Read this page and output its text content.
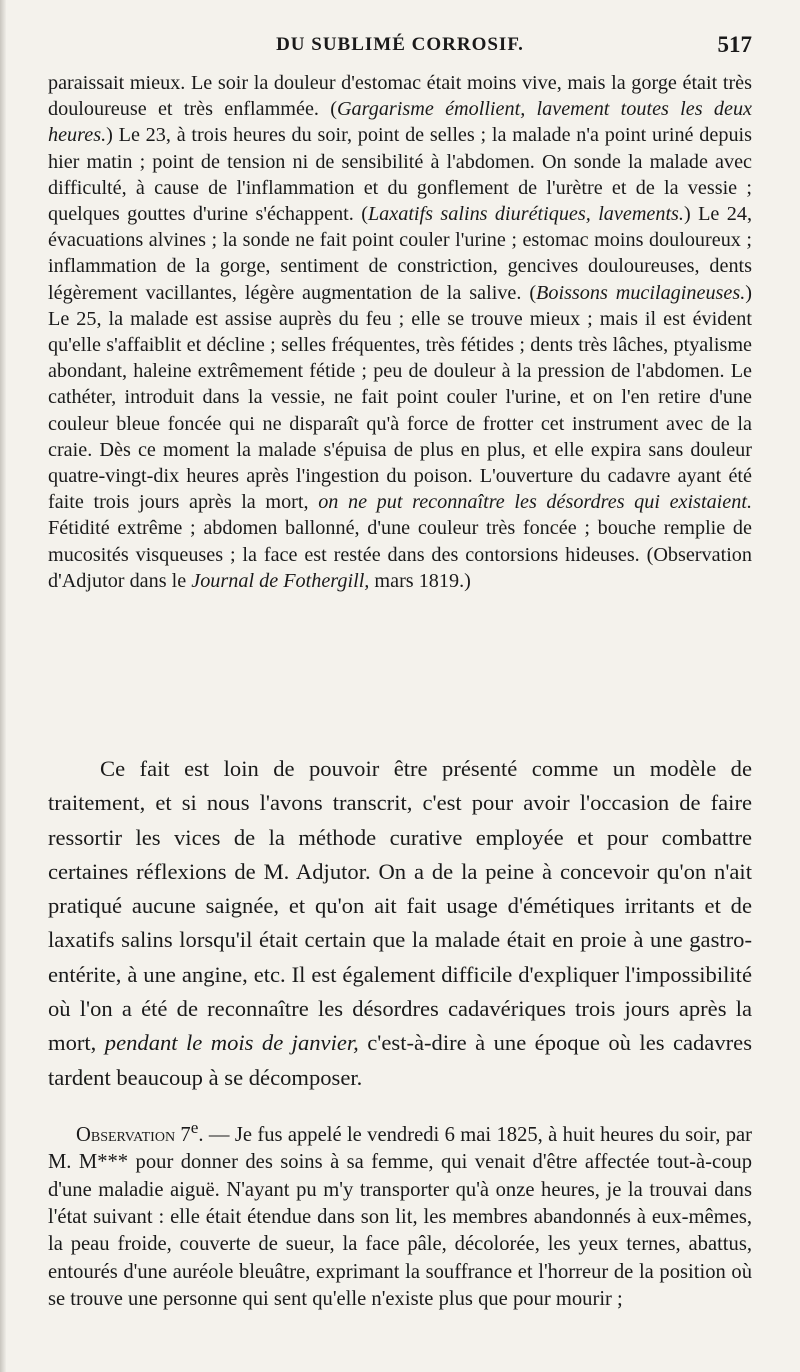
DU SUBLIMÉ CORROSIF.	517

paraissait mieux. Le soir la douleur d'estomac était moins vive, mais la gorge était très douloureuse et très enflammée. (Gargarisme émollient, lavement toutes les deux heures.) Le 23, à trois heures du soir, point de selles ; la malade n'a point uriné depuis hier matin ; point de tension ni de sensibilité à l'abdomen. On sonde la malade avec difficulté, à cause de l'inflammation et du gonflement de l'urètre et de la vessie ; quelques gouttes d'urine s'échappent. (Laxatifs salins diurétiques, lavements.) Le 24, évacuations alvines ; la sonde ne fait point couler l'urine ; estomac moins douloureux ; inflammation de la gorge, sentiment de constriction, gencives douloureuses, dents légèrement vacillantes, légère augmentation de la salive. (Boissons mucilagineuses.) Le 25, la malade est assise auprès du feu ; elle se trouve mieux ; mais il est évident qu'elle s'affaiblit et décline ; selles fréquentes, très fétides ; dents très lâches, ptyalisme abondant, haleine extrêmement fétide ; peu de douleur à la pression de l'abdomen. Le cathéter, introduit dans la vessie, ne fait point couler l'urine, et on l'en retire d'une couleur bleue foncée qui ne disparaît qu'à force de frotter cet instrument avec de la craie. Dès ce moment la malade s'épuisa de plus en plus, et elle expira sans douleur quatre-vingt-dix heures après l'ingestion du poison. L'ouverture du cadavre ayant été faite trois jours après la mort, on ne put reconnaître les désordres qui existaient. Fétidité extrême ; abdomen ballonné, d'une couleur très foncée ; bouche remplie de mucosités visqueuses ; la face est restée dans des contorsions hideuses. (Observation d'Adjutor dans le Journal de Fothergill, mars 1819.)

Ce fait est loin de pouvoir être présenté comme un modèle de traitement, et si nous l'avons transcrit, c'est pour avoir l'occasion de faire ressortir les vices de la méthode curative employée et pour combattre certaines réflexions de M. Adjutor. On a de la peine à concevoir qu'on n'ait pratiqué aucune saignée, et qu'on ait fait usage d'émétiques irritants et de laxatifs salins lorsqu'il était certain que la malade était en proie à une gastro-entérite, à une angine, etc. Il est également difficile d'expliquer l'impossibilité où l'on a été de reconnaître les désordres cadavériques trois jours après la mort, pendant le mois de janvier, c'est-à-dire à une époque où les cadavres tardent beaucoup à se décomposer.

Observation 7e. — Je fus appelé le vendredi 6 mai 1825, à huit heures du soir, par M. M*** pour donner des soins à sa femme, qui venait d'être affectée tout-à-coup d'une maladie aiguë. N'ayant pu m'y transporter qu'à onze heures, je la trouvai dans l'état suivant : elle était étendue dans son lit, les membres abandonnés à eux-mêmes, la peau froide, couverte de sueur, la face pâle, décolorée, les yeux ternes, abattus, entourés d'une auréole bleuâtre, exprimant la souffrance et l'horreur de la position où se trouve une personne qui sent qu'elle n'existe plus que pour mourir ;
